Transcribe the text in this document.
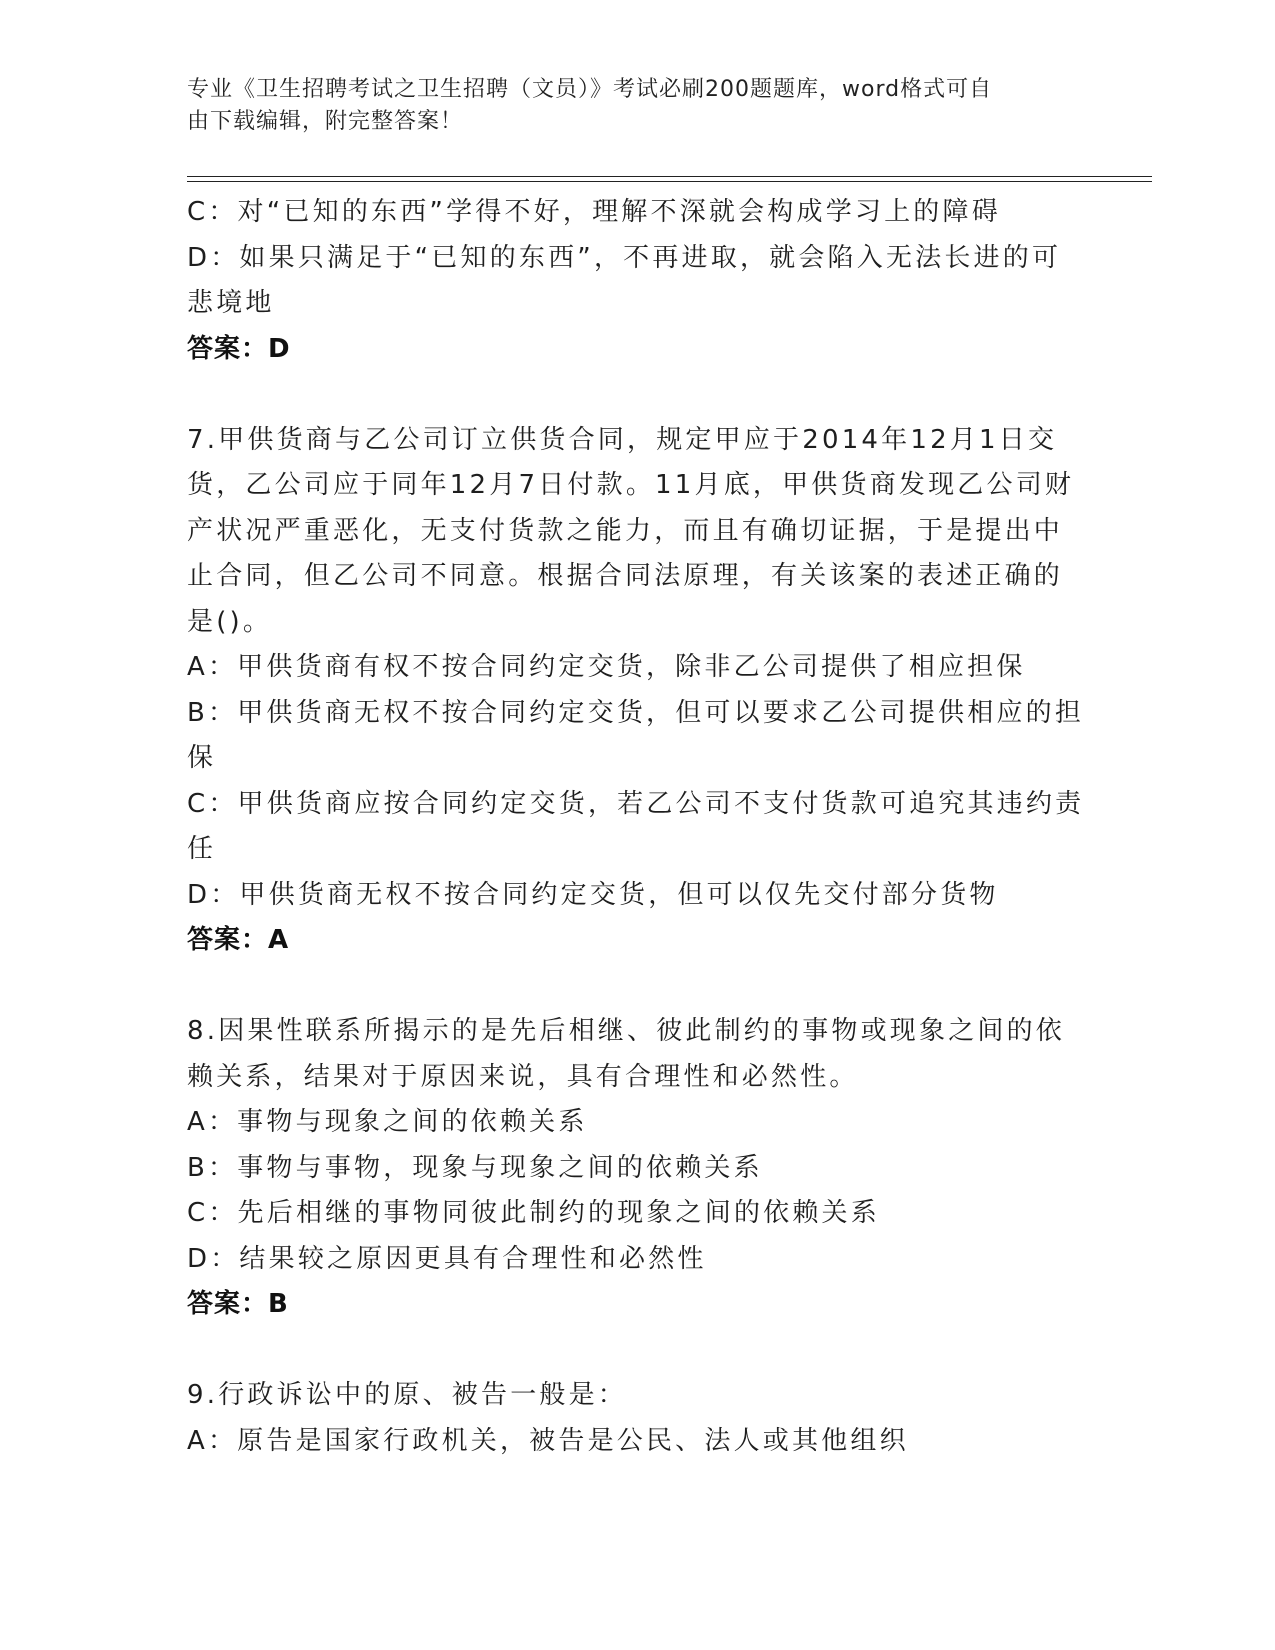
专业《卫生招聘考试之卫生招聘（文员）》考试必刷200题题库，word格式可自
由下载编辑，附完整答案！
C：对“已知的东西”学得不好，理解不深就会构成学习上的障碍
D：如果只满足于“已知的东西”，不再进取，就会陷入无法长进的可
悲境地
答案：D
7.甲供货商与乙公司订立供货合同，规定甲应于2014年12月1日交
货，乙公司应于同年12月7日付款。11月底，甲供货商发现乙公司财
产状况严重恶化，无支付货款之能力，而且有确切证据，于是提出中
止合同，但乙公司不同意。根据合同法原理，有关该案的表述正确的
是()。
A：甲供货商有权不按合同约定交货，除非乙公司提供了相应担保
B：甲供货商无权不按合同约定交货，但可以要求乙公司提供相应的担
保
C：甲供货商应按合同约定交货，若乙公司不支付货款可追究其违约责
任
D：甲供货商无权不按合同约定交货，但可以仅先交付部分货物
答案：A
8.因果性联系所揭示的是先后相继、彼此制约的事物或现象之间的依
赖关系，结果对于原因来说，具有合理性和必然性。
A：事物与现象之间的依赖关系
B：事物与事物，现象与现象之间的依赖关系
C：先后相继的事物同彼此制约的现象之间的依赖关系
D：结果较之原因更具有合理性和必然性
答案：B
9.行政诉讼中的原、被告一般是：
A：原告是国家行政机关，被告是公民、法人或其他组织
